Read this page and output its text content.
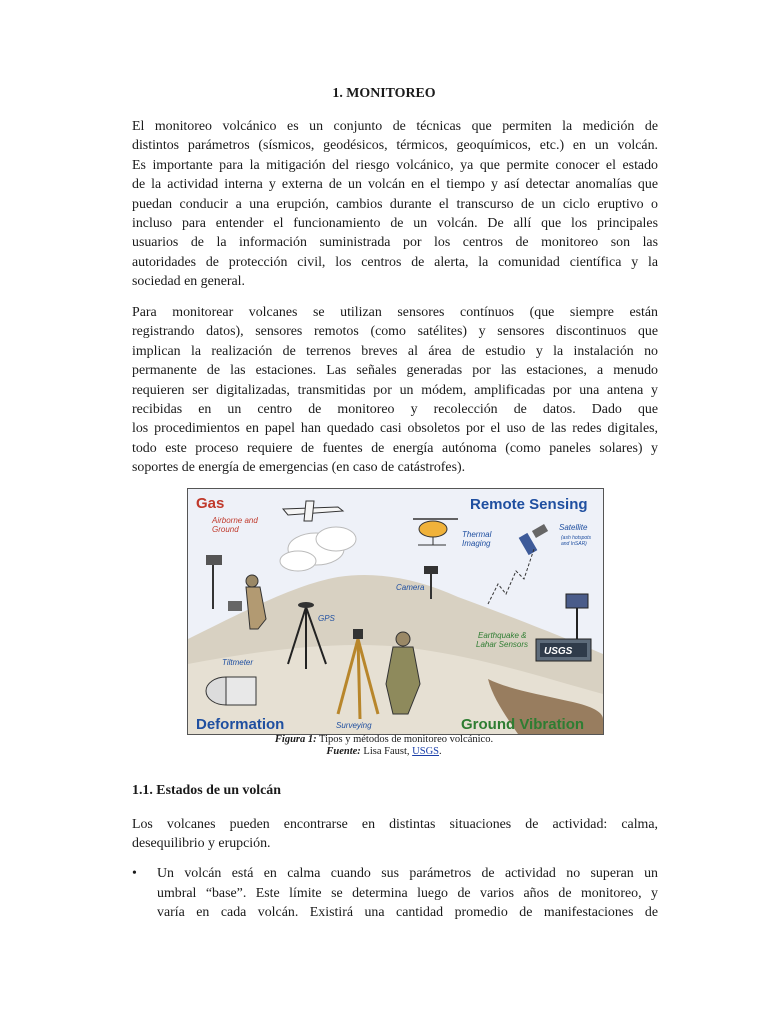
1. MONITOREO
El monitoreo volcánico es un conjunto de técnicas que permiten la medición de
distintos parámetros (sísmicos, geodésicos, térmicos, geoquímicos, etc.) en un volcán.
Es importante para la mitigación del riesgo volcánico, ya que permite conocer el estado
de la actividad interna y externa de un volcán en el tiempo y así detectar anomalías que
puedan conducir a una erupción, cambios durante el transcurso de un ciclo eruptivo o
incluso para entender el funcionamiento de un volcán. De allí que los principales
usuarios de la información suministrada por los centros de monitoreo son las
autoridades de protección civil, los centros de alerta, la comunidad científica y la
sociedad en general.
Para monitorear volcanes se utilizan sensores contínuos (que siempre están
registrando datos), sensores remotos (como satélites) y sensores discontinuos que
implican la realización de terrenos breves al área de estudio y la instalación no
permanente de las estaciones. Las señales generadas por las estaciones, a menudo
requieren ser digitalizadas, transmitidas por un módem, amplificadas por una antena y
recibidas en un centro de monitoreo y recolección de datos. Dado que
los procedimientos en papel han quedado casi obsoletos por el uso de las redes digitales,
todo este proceso requiere de fuentes de energía autónoma (como paneles solares) y
soportes de energía de emergencias (en caso de catástrofes).
Gas
Airborne and
Ground
Remote Sensing
Thermal
Imaging
Satellite
(ash hotspots
and InSAR)
Camera
GPS
Tiltmeter
Earthquake &
Lahar Sensors
USGS
Deformation	Surveying	Ground Vibration
Figura 1: Tipos y métodos de monitoreo volcánico.
Fuente: Lisa Faust, USGS.
1.1. Estados de un volcán
Los volcanes pueden encontrarse en distintas situaciones de actividad: calma,
desequilibrio y erupción.
• Un volcán está en calma cuando sus parámetros de actividad no superan un
umbral “base”. Este límite se determina luego de varios años de monitoreo, y
varía en cada volcán. Existirá una cantidad promedio de manifestaciones de
